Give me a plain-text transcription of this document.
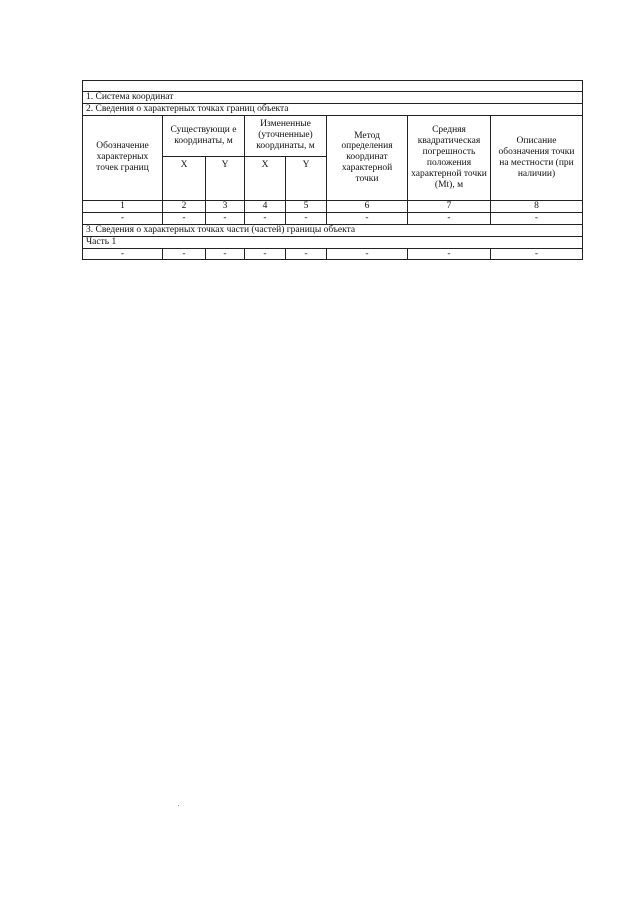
1. Система координат							
2. Сведения о характерных точках границ объекта							
Обозначение характерных точек границ	Существующи е координаты, м		Измененные (уточненные) координаты, м		Метод определения координат характерной точки	Средняя квадратическая погрешность положения характерной точки (Mt), м	Описание обозначения точки на местности (при наличии)
	X	Y	X	Y			
1	2	3	4	5	6	7	8
-	-	-	-	-	-	-	-
3. Сведения о характерных точках части (частей) границы объекта							
Часть 1							
-	-	-	-	-	-	-	-
